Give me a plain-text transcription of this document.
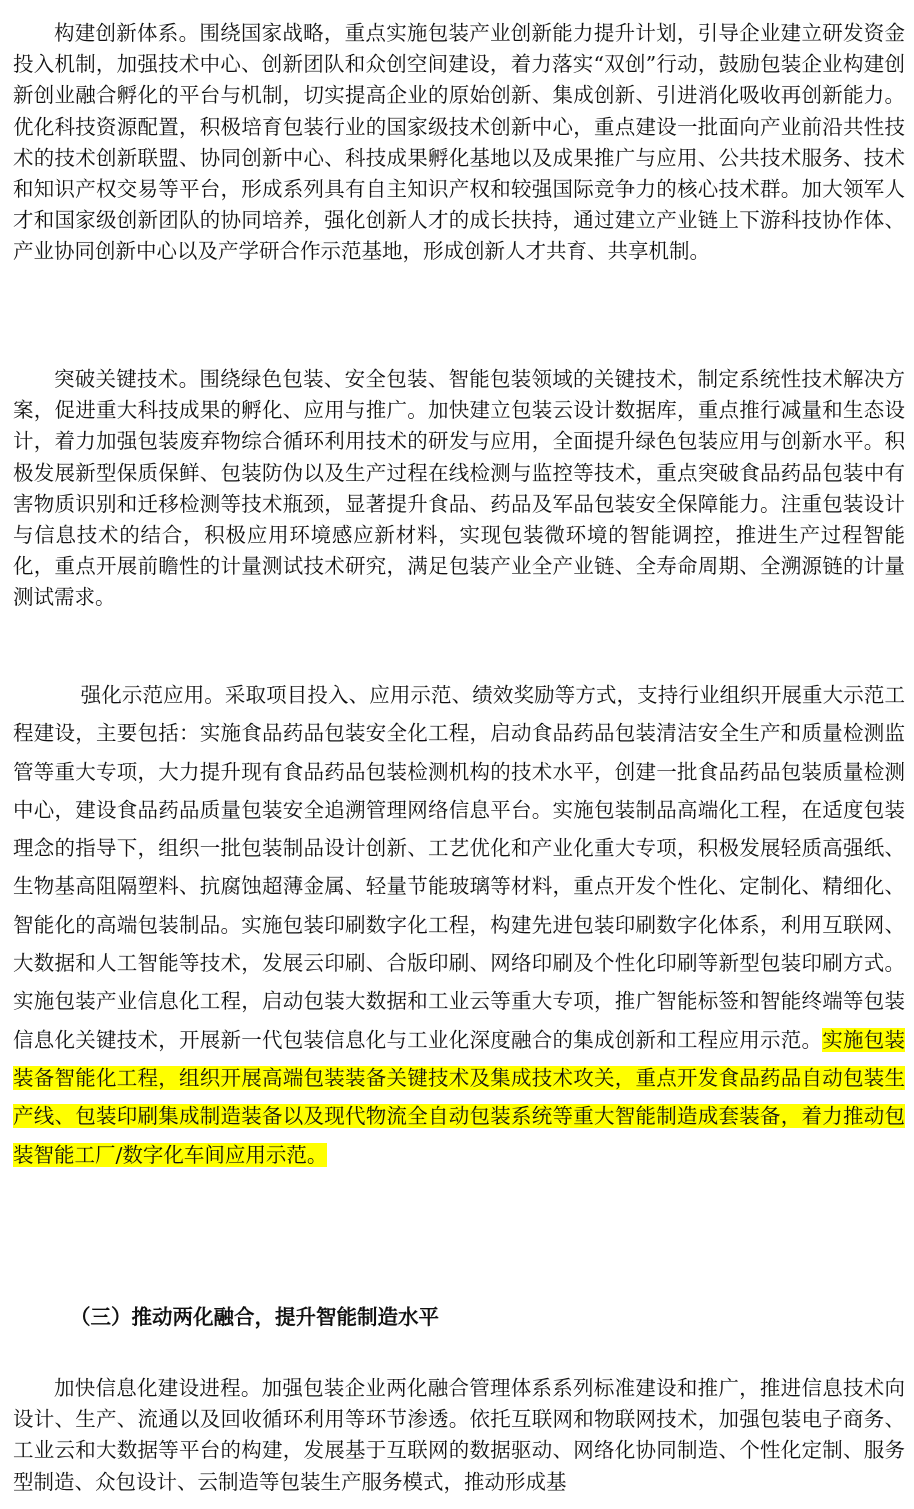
构建创新体系。围绕国家战略，重点实施包装产业创新能力提升计划，引导企业建立研发资金投入机制，加强技术中心、创新团队和众创空间建设，着力落实“双创”行动，鼓励包装企业构建创新创业融合孵化的平台与机制，切实提高企业的原始创新、集成创新、引进消化吸收再创新能力。优化科技资源配置，积极培育包装行业的国家级技术创新中心，重点建设一批面向产业前沿共性技术的技术创新联盟、协同创新中心、科技成果孵化基地以及成果推广与应用、公共技术服务、技术和知识产权交易等平台，形成系列具有自主知识产权和较强国际竞争力的核心技术群。加大领军人才和国家级创新团队的协同培养，强化创新人才的成长扶持，通过建立产业链上下游科技协作体、产业协同创新中心以及产学研合作示范基地，形成创新人才共育、共享机制。

突破关键技术。围绕绿色包装、安全包装、智能包装领域的关键技术，制定系统性技术解决方案，促进重大科技成果的孵化、应用与推广。加快建立包装云设计数据库，重点推行减量和生态设计，着力加强包装废弃物综合循环利用技术的研发与应用，全面提升绿色包装应用与创新水平。积极发展新型保质保鲜、包装防伪以及生产过程在线检测与监控等技术，重点突破食品药品包装中有害物质识别和迁移检测等技术瓶颈，显著提升食品、药品及军品包装安全保障能力。注重包装设计与信息技术的结合，积极应用环境感应新材料，实现包装微环境的智能调控，推进生产过程智能化，重点开展前瞻性的计量测试技术研究，满足包装产业全产业链、全寿命周期、全溯源链的计量测试需求。

强化示范应用。采取项目投入、应用示范、绩效奖励等方式，支持行业组织开展重大示范工程建设，主要包括：实施食品药品包装安全化工程，启动食品药品包装清洁安全生产和质量检测监管等重大专项，大力提升现有食品药品包装检测机构的技术水平，创建一批食品药品包装质量检测中心，建设食品药品质量包装安全追溯管理网络信息平台。实施包装制品高端化工程，在适度包装理念的指导下，组织一批包装制品设计创新、工艺优化和产业化重大专项，积极发展轻质高强纸、生物基高阻隔塑料、抗腐蚀超薄金属、轻量节能玻璃等材料，重点开发个性化、定制化、精细化、智能化的高端包装制品。实施包装印刷数字化工程，构建先进包装印刷数字化体系，利用互联网、大数据和人工智能等技术，发展云印刷、合版印刷、网络印刷及个性化印刷等新型包装印刷方式。实施包装产业信息化工程，启动包装大数据和工业云等重大专项，推广智能标签和智能终端等包装信息化关键技术，开展新一代包装信息化与工业化深度融合的集成创新和工程应用示范。实施包装装备智能化工程，组织开展高端包装装备关键技术及集成技术攻关，重点开发食品药品自动包装生产线、包装印刷集成制造装备以及现代物流全自动包装系统等重大智能制造成套装备，着力推动包装智能工厂/数字化车间应用示范。

（三）推动两化融合，提升智能制造水平

加快信息化建设进程。加强包装企业两化融合管理体系系列标准建设和推广，推进信息技术向设计、生产、流通以及回收循环利用等环节渗透。依托互联网和物联网技术，加强包装电子商务、工业云和大数据等平台的构建，发展基于互联网的数据驱动、网络化协同制造、个性化定制、服务型制造、众包设计、云制造等包装生产服务模式，推动形成基
